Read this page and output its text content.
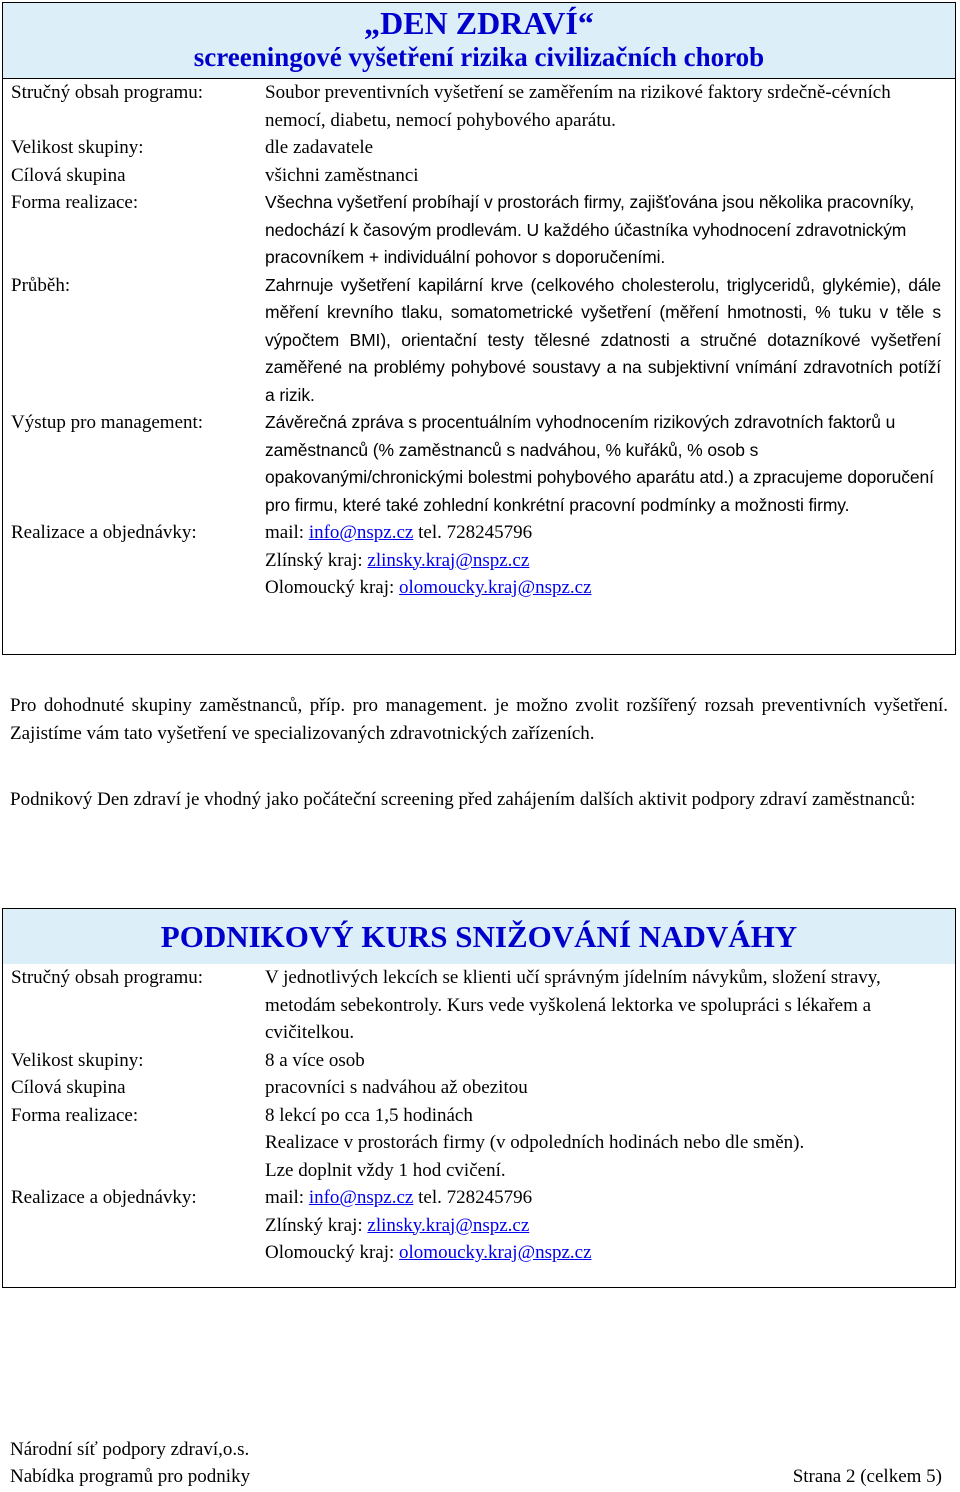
„DEN ZDRAVÍ“
screeningové vyšetření rizika civilizačních chorob
Stručný obsah programu:	Soubor preventivních vyšetření se zaměřením na rizikové faktory srdečně-cévních nemocí, diabetu, nemocí pohybového aparátu.
Velikost skupiny:	dle zadavatele
Cílová skupina	všichni zaměstnanci
Forma realizace:	Všechna vyšetření probíhají v prostorách firmy, zajišťována jsou několika pracovníky, nedochází k časovým prodlevám. U každého účastníka vyhodnocení zdravotnickým pracovníkem + individuální pohovor s doporučeními.
Průběh:	Zahrnuje vyšetření kapilární krve (celkového cholesterolu, triglyceridů, glykémie), dále měření krevního tlaku, somatometrické vyšetření (měření hmotnosti, % tuku v těle s výpočtem BMI), orientační testy tělesné zdatnosti a stručné dotazníkové vyšetření zaměřené na problémy pohybové soustavy a na subjektivní vnímání zdravotních potíží a rizik.
Výstup pro management:	Závěrečná zpráva s procentuálním vyhodnocením rizikových zdravotních faktorů u zaměstnanců (% zaměstnanců s nadváhou, % kuřáků, % osob s opakovanými/chronickými bolestmi pohybového aparátu atd.) a zpracujeme doporučení pro firmu, které také zohlední konkrétní pracovní podmínky a možnosti firmy.
Realizace a objednávky:	mail: info@nspz.cz tel. 728245796
Zlínský kraj: zlinsky.kraj@nspz.cz
Olomoucký kraj: olomoucky.kraj@nspz.cz
Pro dohodnuté skupiny zaměstnanců, příp. pro management. je možno zvolit rozšířený rozsah preventivních vyšetření. Zajistíme vám tato vyšetření ve specializovaných zdravotnických zařízeních.
Podnikový Den zdraví je vhodný jako počáteční screening před zahájením dalších aktivit podpory zdraví zaměstnanců:
PODNIKOVÝ KURS SNIŽOVÁNÍ NADVÁHY
Stručný obsah programu:	V jednotlivých lekcích se klienti učí správným jídelním návykům, složení stravy, metodám sebekontroly. Kurs vede vyškolená lektorka ve spolupráci s lékařem a cvičitelkou.
Velikost skupiny:	8 a více osob
Cílová skupina	pracovníci s nadváhou až obezitou
Forma realizace:	8 lekcí po cca 1,5 hodinách
Realizace v prostorách firmy (v odpoledních hodinách nebo dle směn).
Lze doplnit vždy 1 hod cvičení.
Realizace a objednávky:	mail: info@nspz.cz tel. 728245796
Zlínský kraj: zlinsky.kraj@nspz.cz
Olomoucký kraj: olomoucky.kraj@nspz.cz
Národní síť podpory zdraví,o.s.
Nabídka programů pro podniky	Strana 2 (celkem 5)
